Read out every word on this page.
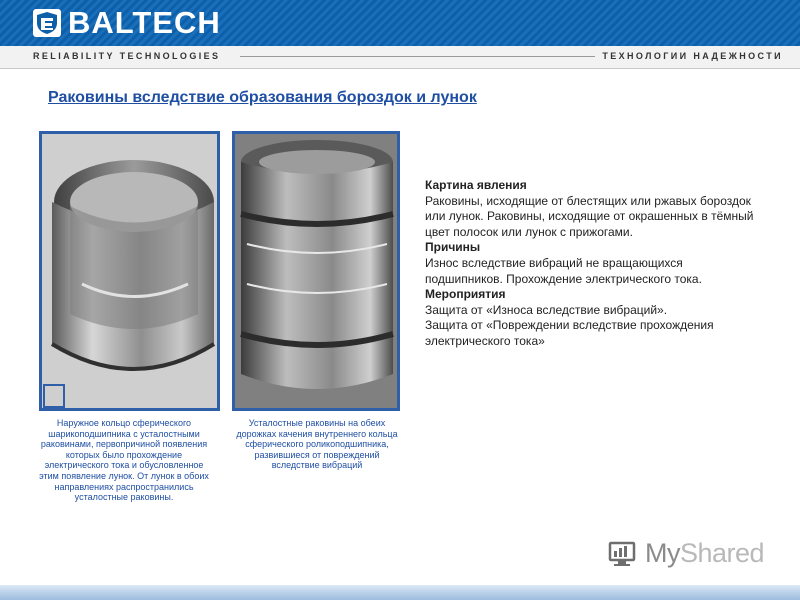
BALTECH
RELIABILITY TECHNOLOGIES	ТЕХНОЛОГИИ НАДЕЖНОСТИ
Раковины вследствие образования бороздок и лунок
Наружное кольцо сферического шарикоподшипника с усталостными раковинами, первопричиной появления которых было прохождение электрического тока и обусловленное этим появление лунок. От лунок в обоих направлениях распространились усталостные раковины.
Усталостные раковины на обеих дорожках качения внутреннего кольца сферического роликоподшипника, развившиеся от повреждений вследствие вибраций
Картина явления
Раковины, исходящие от блестящих или ржавых бороздок или лунок. Раковины, исходящие от окрашенных в тёмный цвет полосок или лунок с прижогами.
Причины
Износ вследствие вибраций не вращающихся подшипников. Прохождение электрического тока.
Мероприятия
Защита от «Износа вследствие вибраций».
Защита от «Повреждении вследствие прохождения электрического тока»
MyShared
